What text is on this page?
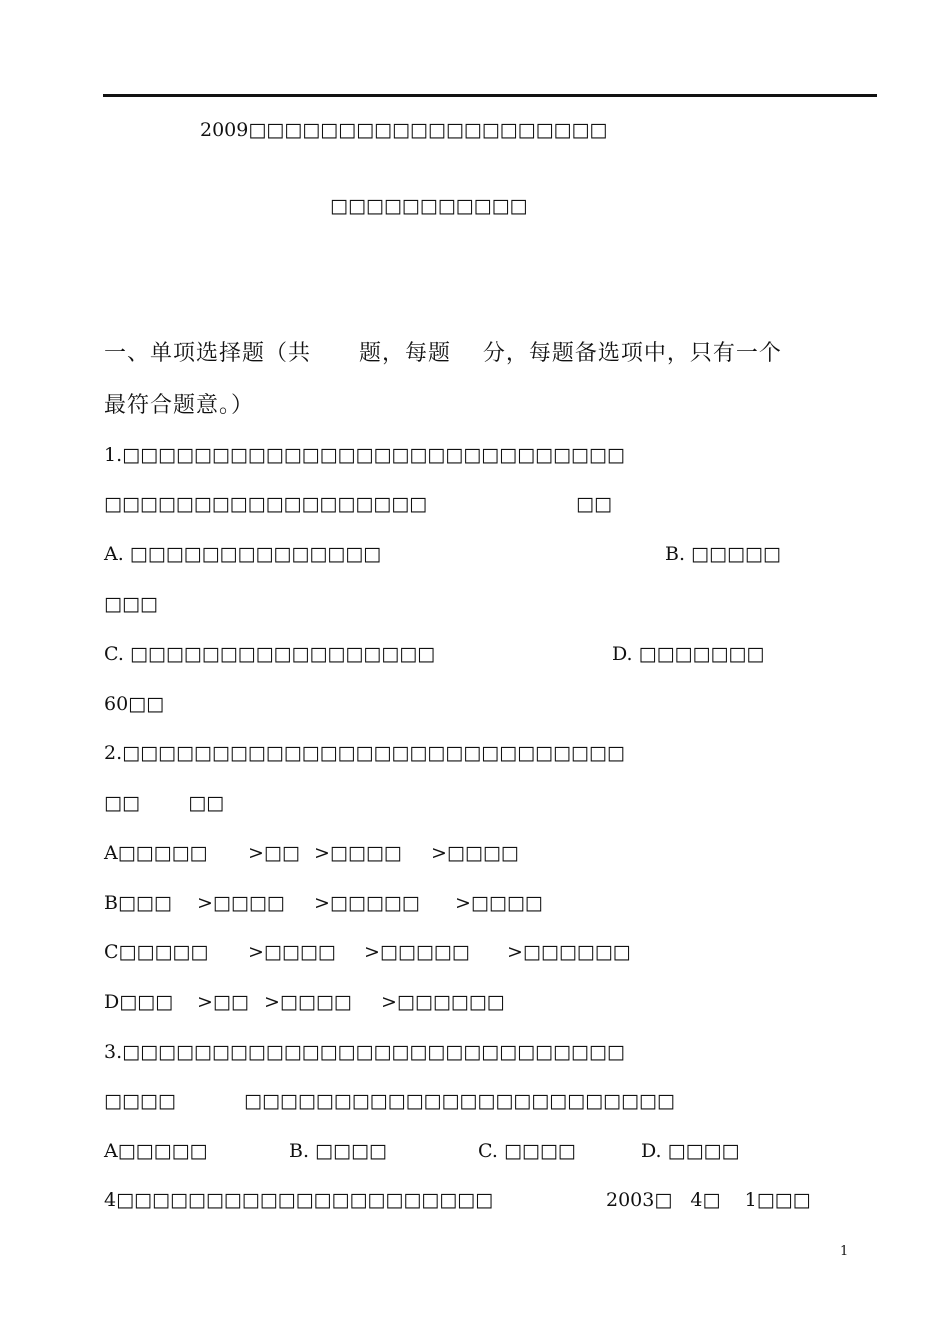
2009□□□□□□□□□□□□□□□□□□□□
□□□□□□□□□□□
一、单项选择题（共      题，每题    分，每题备选项中，只有一个
最符合题意。）
1.□□□□□□□□□□□□□□□□□□□□□□□□□□□□
□□□□□□□□□□□□□□□□□□	□□
A. □□□□□□□□□□□□□□	B. □□□□□
□□□
C. □□□□□□□□□□□□□□□□□	D. □□□□□□□
60□□
2.□□□□□□□□□□□□□□□□□□□□□□□□□□□□
□□        □□
A□□□□□ >□□ >□□□□ >□□□□
B□□□ >□□□□ >□□□□□ >□□□□
C□□□□□ >□□□□ >□□□□□ >□□□□□□
D□□□ >□□ >□□□□ >□□□□□□
3.□□□□□□□□□□□□□□□□□□□□□□□□□□□□
□□□□	□□□□□□□□□□□□□□□□□□□□□□□□
A□□□□□	B. □□□□	C. □□□□	D. □□□□
4□□□□□□□□□□□□□□□□□□□□□	2003□   4□    1□□□
1
